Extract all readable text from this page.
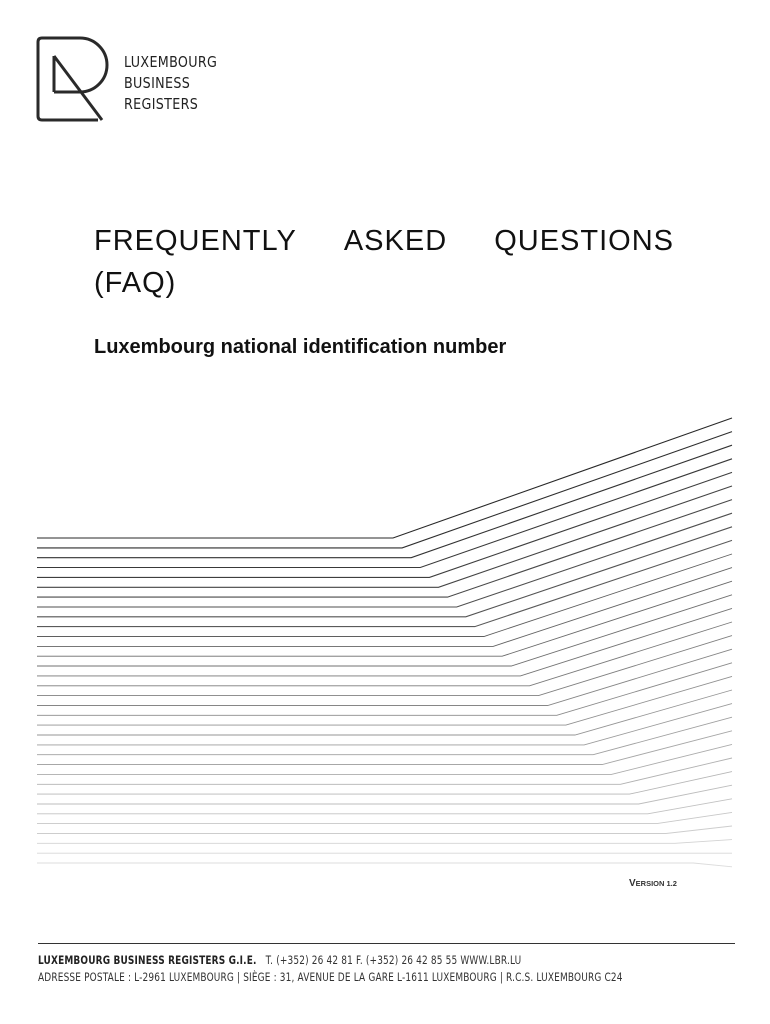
LUXEMBOURG
BUSINESS
REGISTERS
FREQUENTLY ASKED QUESTIONS
(FAQ)
Luxembourg national identification number
VERSION 1.2
LUXEMBOURG BUSINESS REGISTERS G.I.E. T. (+352) 26 42 81 F. (+352) 26 42 85 55 WWW.LBR.LU
ADRESSE POSTALE : L-2961 LUXEMBOURG | SIÈGE : 31, AVENUE DE LA GARE L-1611 LUXEMBOURG | R.C.S. LUXEMBOURG C24
